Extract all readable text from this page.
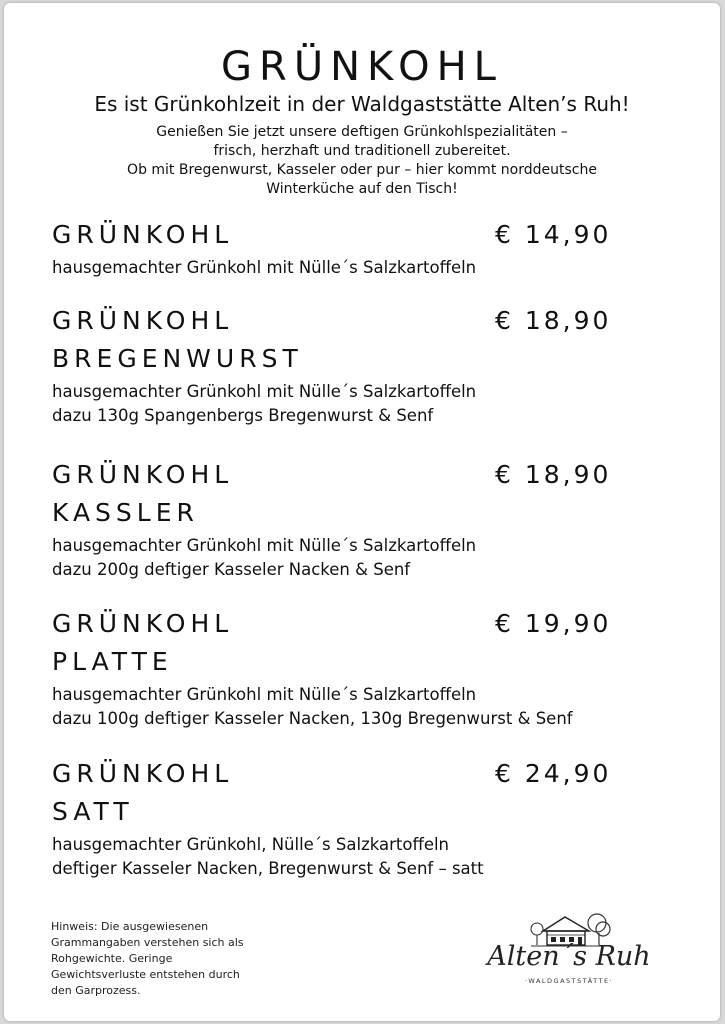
GRÜNKOHL
Es ist Grünkohlzeit in der Waldgaststätte Alten’s Ruh!
Genießen Sie jetzt unsere deftigen Grünkohlspezialitäten –
frisch, herzhaft und traditionell zubereitet.
Ob mit Bregenwurst, Kasseler oder pur – hier kommt norddeutsche
Winterküche auf den Tisch!
GRÜNKOHL	€ 14,90
hausgemachter Grünkohl mit Nülle´s Salzkartoffeln
GRÜNKOHL
BREGENWURST
€ 18,90
hausgemachter Grünkohl mit Nülle´s Salzkartoffeln
dazu 130g Spangenbergs Bregenwurst & Senf
GRÜNKOHL
KASSLER
€ 18,90
hausgemachter Grünkohl mit Nülle´s Salzkartoffeln
dazu 200g deftiger Kasseler Nacken & Senf
GRÜNKOHL
PLATTE
€ 19,90
hausgemachter Grünkohl mit Nülle´s Salzkartoffeln
dazu 100g deftiger Kasseler Nacken, 130g Bregenwurst & Senf
GRÜNKOHL
SATT
€ 24,90
hausgemachter Grünkohl, Nülle´s Salzkartoffeln
deftiger Kasseler Nacken, Bregenwurst & Senf – satt
Hinweis: Die ausgewiesenen
Grammangaben verstehen sich als
Rohgewichte. Geringe
Gewichtsverluste entstehen durch
den Garprozess.
Alten´s Ruh
·WALDGASTSTÄTTE·
